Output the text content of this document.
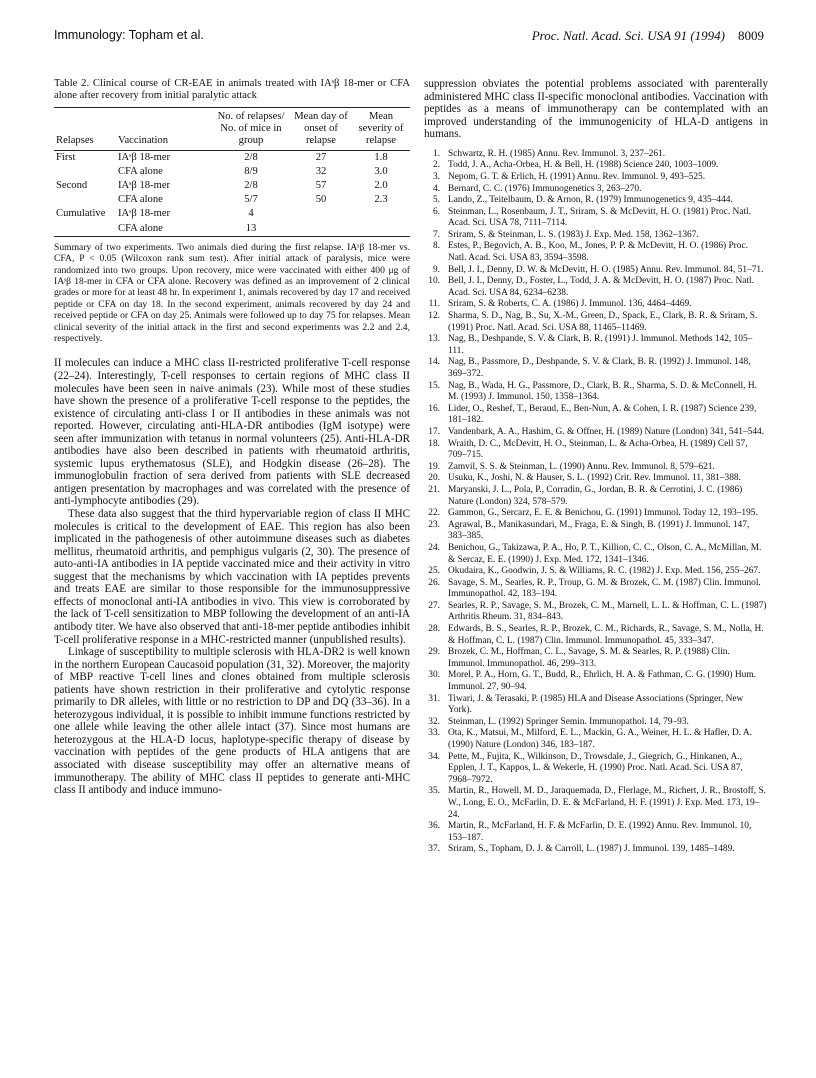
Immunology: Topham et al.	Proc. Natl. Acad. Sci. USA 91 (1994) 8009
Table 2. Clinical course of CR-EAE in animals treated with IAˢβ 18-mer or CFA alone after recovery from initial paralytic attack
Relapses	Vaccination	No. of relapses/ No. of mice in group	Mean day of onset of relapse	Mean severity of relapse
First	IAˢβ 18-mer	2/8	27	1.8
	CFA alone	8/9	32	3.0
Second	IAˢβ 18-mer	2/8	57	2.0
	CFA alone	5/7	50	2.3
Cumulative	IAˢβ 18-mer	4		
	CFA alone	13		
Summary of two experiments. Two animals died during the first relapse. IAˢβ 18-mer vs. CFA, P < 0.05 (Wilcoxon rank sum test). After initial attack of paralysis, mice were randomized into two groups. Upon recovery, mice were vaccinated with either 400 μg of IAˢβ 18-mer in CFA or CFA alone. Recovery was defined as an improvement of 2 clinical grades or more for at least 48 hr. In experiment 1, animals recovered by day 17 and received peptide or CFA on day 18. In the second experiment, animals recovered by day 24 and received peptide or CFA on day 25. Animals were followed up to day 75 for relapses. Mean clinical severity of the initial attack in the first and second experiments was 2.2 and 2.4, respectively.

II molecules can induce a MHC class II-restricted proliferative T-cell response (22–24). Interestingly, T-cell responses to certain regions of MHC class II molecules have been seen in naive animals (23). While most of these studies have shown the presence of a proliferative T-cell response to the peptides, the existence of circulating anti-class I or II antibodies in these animals was not reported. However, circulating anti-HLA-DR antibodies (IgM isotype) were seen after immunization with tetanus in normal volunteers (25). Anti-HLA-DR antibodies have also been described in patients with rheumatoid arthritis, systemic lupus erythematosus (SLE), and Hodgkin disease (26–28). The immunoglobulin fraction of sera derived from patients with SLE decreased antigen presentation by macrophages and was correlated with the presence of anti-lymphocyte antibodies (29).

These data also suggest that the third hypervariable region of class II MHC molecules is critical to the development of EAE. This region has also been implicated in the pathogenesis of other autoimmune diseases such as diabetes mellitus, rheumatoid arthritis, and pemphigus vulgaris (2, 30). The presence of auto-anti-IA antibodies in IA peptide vaccinated mice and their activity in vitro suggest that the mechanisms by which vaccination with IA peptides prevents and treats EAE are similar to those responsible for the immunosuppressive effects of monoclonal anti-IA antibodies in vivo. This view is corroborated by the lack of T-cell sensitization to MBP following the development of an anti-IA antibody titer. We have also observed that anti-18-mer peptide antibodies inhibit T-cell proliferative response in a MHC-restricted manner (unpublished results).

Linkage of susceptibility to multiple sclerosis with HLA-DR2 is well known in the northern European Caucasoid population (31, 32). Moreover, the majority of MBP reactive T-cell lines and clones obtained from multiple sclerosis patients have shown restriction in their proliferative and cytolytic response primarily to DR alleles, with little or no restriction to DP and DQ (33–36). In a heterozygous individual, it is possible to inhibit immune functions restricted by one allele while leaving the other allele intact (37). Since most humans are heterozygous at the HLA-D locus, haplotype-specific therapy of disease by vaccination with peptides of the gene products of HLA antigens that are associated with disease susceptibility may offer an alternative means of immunotherapy. The ability of MHC class II peptides to generate anti-MHC class II antibody and induce immuno-

suppression obviates the potential problems associated with parenterally administered MHC class II-specific monoclonal antibodies. Vaccination with peptides as a means of immunotherapy can be contemplated with an improved understanding of the immunogenicity of HLA-D antigens in humans.

1. Schwartz, R. H. (1985) Annu. Rev. Immunol. 3, 237–261.
2. Todd, J. A., Acha-Orbea, H. & Bell, H. (1988) Science 240, 1003–1009.
3. Nepom, G. T. & Erlich, H. (1991) Annu. Rev. Immunol. 9, 493–525.
4. Bernard, C. C. (1976) Immunogenetics 3, 263–270.
5. Lando, Z., Teitelbaum, D. & Arnon, R. (1979) Immunogenetics 9, 435–444.
6. Steinman, L., Rosenbaum, J. T., Sriram, S. & McDevitt, H. O. (1981) Proc. Natl. Acad. Sci. USA 78, 7111–7114.
7. Sriram, S. & Steinman, L. S. (1983) J. Exp. Med. 158, 1362–1367.
8. Estes, P., Begovich, A. B., Koo, M., Jones, P. P. & McDevitt, H. O. (1986) Proc. Natl. Acad. Sci. USA 83, 3594–3598.
9. Bell, J. I., Denny, D. W. & McDevitt, H. O. (1985) Annu. Rev. Immunol. 84, 51–71.
10. Bell, J. I., Denny, D., Foster, L., Todd, J. A. & McDevitt, H. O. (1987) Proc. Natl. Acad. Sci. USA 84, 6234–6238.
11. Sriram, S. & Roberts, C. A. (1986) J. Immunol. 136, 4464–4469.
12. Sharma, S. D., Nag, B., Su, X.-M., Green, D., Spack, E., Clark, B. R. & Sriram, S. (1991) Proc. Natl. Acad. Sci. USA 88, 11465–11469.
13. Nag, B., Deshpande, S. V. & Clark, B. R. (1991) J. Immunol. Methods 142, 105–111.
14. Nag, B., Passmore, D., Deshpande, S. V. & Clark, B. R. (1992) J. Immunol. 148, 369–372.
15. Nag, B., Wada, H. G., Passmore, D., Clark, B. R., Sharma, S. D. & McConnell, H. M. (1993) J. Immunol. 150, 1358–1364.
16. Lider, O., Reshef, T., Beraud, E., Ben-Nun, A. & Cohen, I. R. (1987) Science 239, 181–182.
17. Vandenbark, A. A., Hashim, G. & Offner, H. (1989) Nature (London) 341, 541–544.
18. Wraith, D. C., McDevitt, H. O., Steinman, L. & Acha-Orbea, H. (1989) Cell 57, 709–715.
19. Zamvil, S. S. & Steinman, L. (1990) Annu. Rev. Immunol. 8, 579–621.
20. Usuku, K., Joshi, N. & Hauser, S. L. (1992) Crit. Rev. Immunol. 11, 381–388.
21. Maryanski, J. L., Pola, P., Corradin, G., Jordan, B. R. & Cerrotini, J. C. (1986) Nature (London) 324, 578–579.
22. Gammon, G., Sercarz, E. E. & Benichou, G. (1991) Immunol. Today 12, 193–195.
23. Agrawal, B., Manikasundari, M., Fraga, E. & Singh, B. (1991) J. Immunol. 147, 383–385.
24. Benichou, G., Takizawa, P. A., Ho, P. T., Killion, C. C., Olson, C. A., McMillan, M. & Sercaz, E. E. (1990) J. Exp. Med. 172, 1341–1346.
25. Okudaira, K., Goodwin, J. S. & Williams, R. C. (1982) J. Exp. Med. 156, 255–267.
26. Savage, S. M., Searles, R. P., Troup, G. M. & Brozek, C. M. (1987) Clin. Immunol. Immunopathol. 42, 183–194.
27. Searles, R. P., Savage, S. M., Brozek, C. M., Marnell, L. L. & Hoffman, C. L. (1987) Arthritis Rheum. 31, 834–843.
28. Edwards, B. S., Searles, R. P., Brozek, C. M., Richards, R., Savage, S. M., Nolla, H. & Hoffman, C. L. (1987) Clin. Immunol. Immunopathol. 45, 333–347.
29. Brozek, C. M., Hoffman, C. L., Savage, S. M. & Searles, R. P. (1988) Clin. Immunol. Immunopathol. 46, 299–313.
30. Morel, P. A., Horn, G. T., Budd, R., Ehrlich, H. A. & Fathman, C. G. (1990) Hum. Immunol. 27, 90–94.
31. Tiwari, J. & Terasaki, P. (1985) HLA and Disease Associations (Springer, New York).
32. Steinman, L. (1992) Springer Semin. Immunopathol. 14, 79–93.
33. Ota, K., Matsui, M., Milford, E. L., Mackin, G. A., Weiner, H. L. & Hafler, D. A. (1990) Nature (London) 346, 183–187.
34. Pette, M., Fujita, K., Wilkinson, D., Trowsdale, J., Giegrich, G., Hinkanen, A., Epplen, J. T., Kappos, L. & Wekerle, H. (1990) Proc. Natl. Acad. Sci. USA 87, 7968–7972.
35. Martin, R., Howell, M. D., Jaraquemada, D., Flerlage, M., Richert, J. R., Brostoff, S. W., Long, E. O., McFarlin, D. E. & McFarland, H. F. (1991) J. Exp. Med. 173, 19–24.
36. Martin, R., McFarland, H. F. & McFarlin, D. E. (1992) Annu. Rev. Immunol. 10, 153–187.
37. Sriram, S., Topham, D. J. & Carroll, L. (1987) J. Immunol. 139, 1485–1489.
